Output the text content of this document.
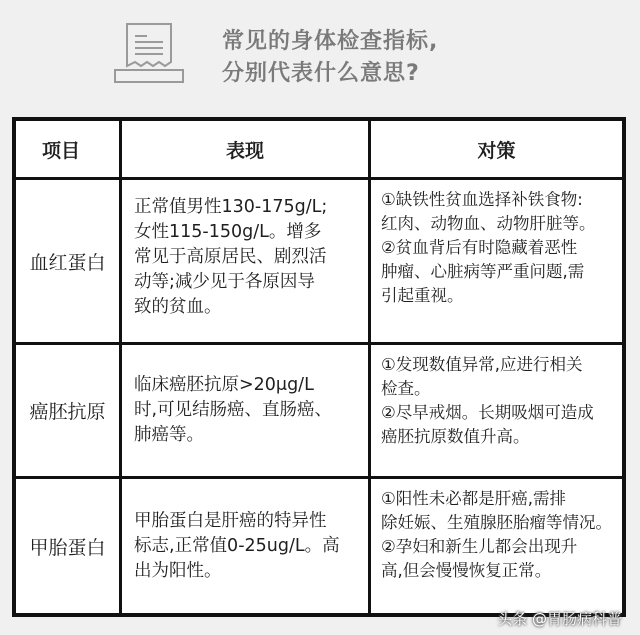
常见的身体检查指标,
分别代表什么意思?
项目	表现	对策
血红蛋白
正常值男性130-175g/L;
女性115-150g/L。增多
常见于高原居民、剧烈活
动等;减少见于各原因导
致的贫血。
①缺铁性贫血选择补铁食物:
红肉、动物血、动物肝脏等。
②贫血背后有时隐藏着恶性
肿瘤、心脏病等严重问题,需
引起重视。
癌胚抗原
临床癌胚抗原>20μg/L
时,可见结肠癌、直肠癌、
肺癌等。
①发现数值异常,应进行相关
检查。
②尽早戒烟。长期吸烟可造成
癌胚抗原数值升高。
甲胎蛋白
甲胎蛋白是肝癌的特异性
标志,正常值0-25ug/L。高
出为阳性。
①阳性未必都是肝癌,需排
除妊娠、生殖腺胚胎瘤等情况。
②孕妇和新生儿都会出现升
高,但会慢慢恢复正常。
头条 @胃肠病科普
